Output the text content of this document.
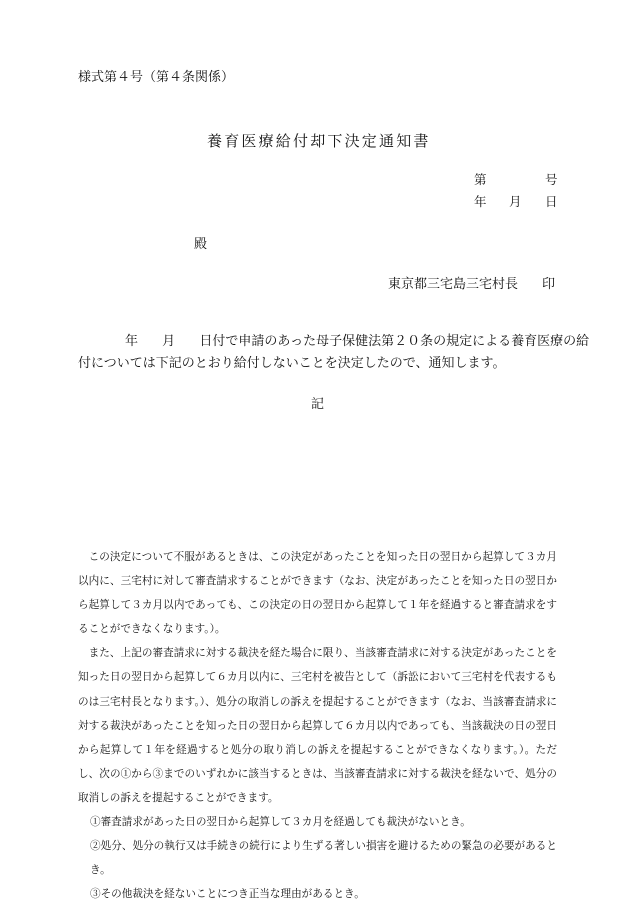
様式第４号（第４条関係）
養育医療給付却下決定通知書
第	号
年 月 日
殿
東京都三宅島三宅村長 印
年 月 日付で申請のあった母子保健法第２０条の規定による養育医療の給
付については下記のとおり給付しないことを決定したので、通知します。
記

この決定について不服があるときは、この決定があったことを知った日の翌日から起算して３カ月以内に、三宅村に対して審査請求することができます（なお、決定があったことを知った日の翌日から起算して３カ月以内であっても、この決定の日の翌日から起算して１年を経過すると審査請求をすることができなくなります。）。

また、上記の審査請求に対する裁決を経た場合に限り、当該審査請求に対する決定があったことを知った日の翌日から起算して６カ月以内に、三宅村を被告として（訴訟において三宅村を代表するものは三宅村長となります。）、処分の取消しの訴えを提起することができます（なお、当該審査請求に対する裁決があったことを知った日の翌日から起算して６カ月以内であっても、当該裁決の日の翌日から起算して１年を経過すると処分の取り消しの訴えを提起することができなくなります。）。ただし、次の①から③までのいずれかに該当するときは、当該審査請求に対する裁決を経ないで、処分の取消しの訴えを提起することができます。

①審査請求があった日の翌日から起算して３カ月を経過しても裁決がないとき。

②処分、処分の執行又は手続きの続行により生ずる著しい損害を避けるための緊急の必要があるとき。

③その他裁決を経ないことにつき正当な理由があるとき。
